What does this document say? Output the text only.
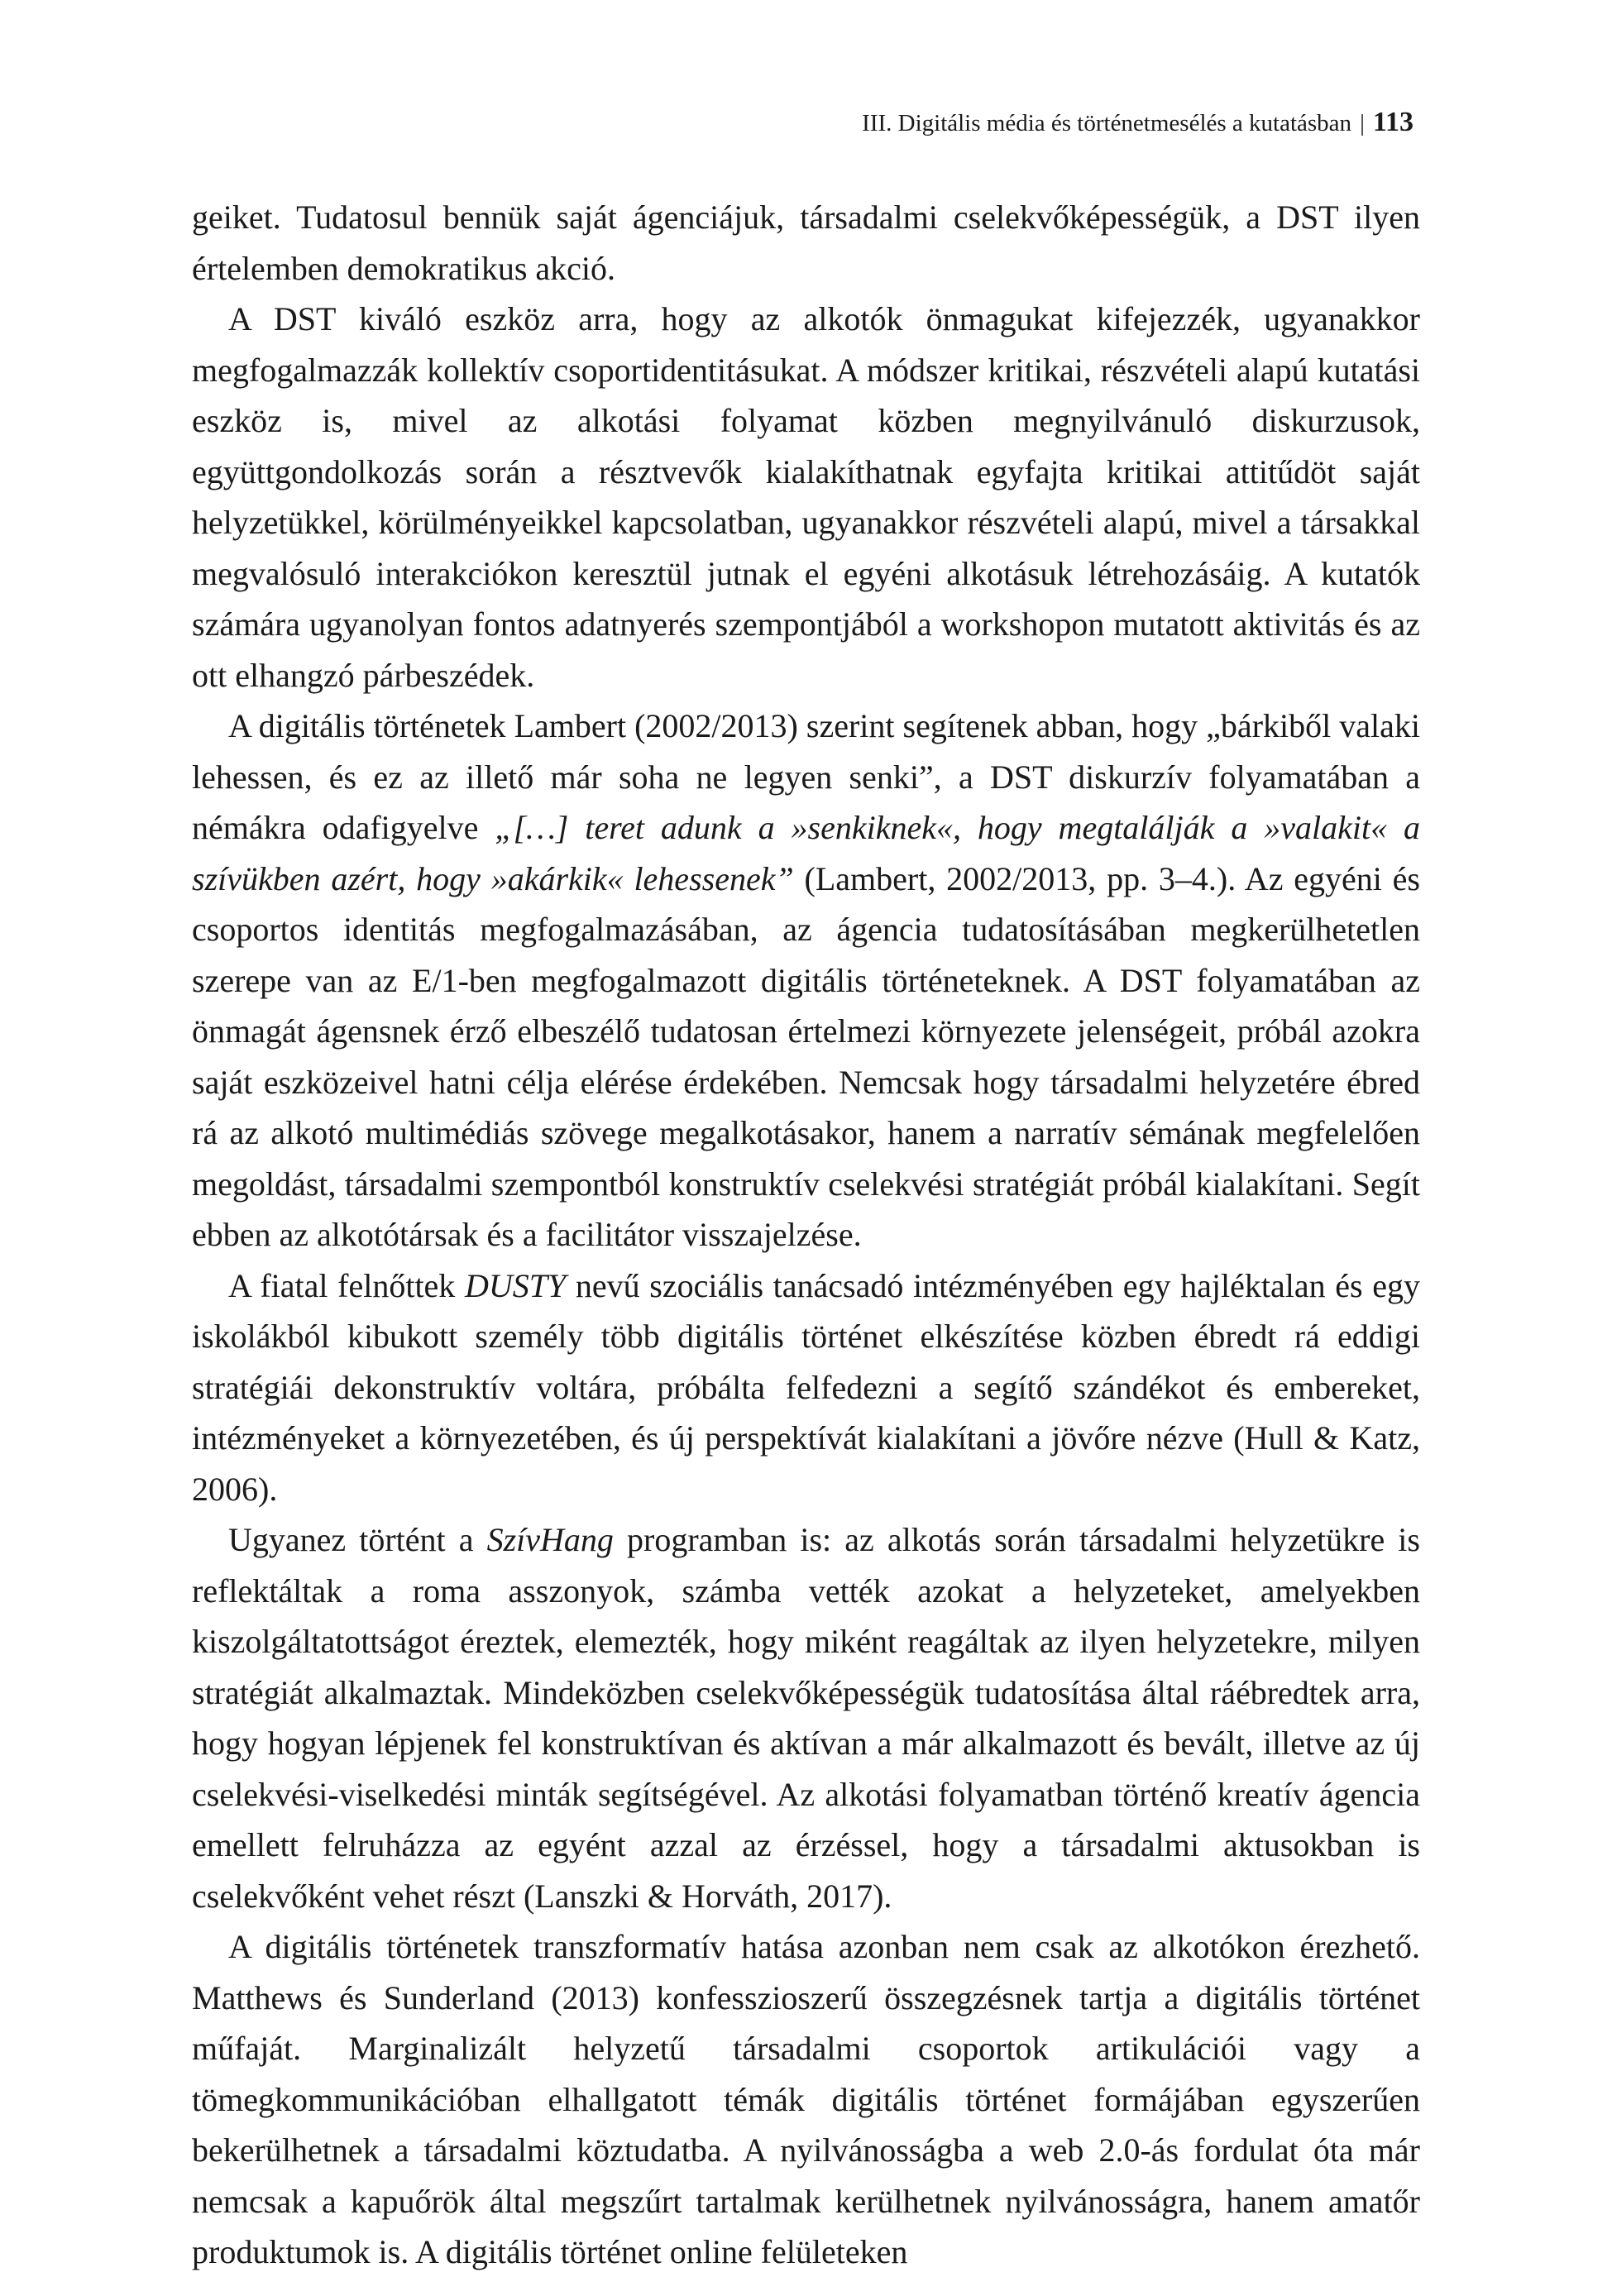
III. Digitális média és történetmesélés a kutatásban | 113

geiket. Tudatosul bennük saját ágenciájuk, társadalmi cselekvőképességük, a DST ilyen értelemben demokratikus akció.

A DST kiváló eszköz arra, hogy az alkotók önmagukat kifejezzék, ugyanakkor megfogalmazzák kollektív csoportidentitásukat. A módszer kritikai, részvételi alapú kutatási eszköz is, mivel az alkotási folyamat közben megnyilvánuló diskurzusok, együttgondolkozás során a résztvevők kialakíthatnak egyfajta kritikai attitűdöt saját helyzetükkel, körülményeikkel kapcsolatban, ugyanakkor részvételi alapú, mivel a társakkal megvalósuló interakciókon keresztül jutnak el egyéni alkotásuk létrehozásáig. A kutatók számára ugyanolyan fontos adatnyerés szempontjából a workshopon mutatott aktivitás és az ott elhangzó párbeszédek.

A digitális történetek Lambert (2002/2013) szerint segítenek abban, hogy „bárkiből valaki lehessen, és ez az illető már soha ne legyen senki”, a DST diskurzív folyamatában a némákra odafigyelve „[…] teret adunk a »senkiknek«, hogy megtalálják a »valakit« a szívükben azért, hogy »akárkik« lehessenek” (Lambert, 2002/2013, pp. 3–4.). Az egyéni és csoportos identitás megfogalmazásában, az ágencia tudatosításában megkerülhetetlen szerepe van az E/1-ben megfogalmazott digitális történeteknek. A DST folyamatában az önmagát ágensnek érző elbeszélő tudatosan értelmezi környezete jelenségeit, próbál azokra saját eszközeivel hatni célja elérése érdekében. Nemcsak hogy társadalmi helyzetére ébred rá az alkotó multimédiás szövege megalkotásakor, hanem a narratív sémának megfelelően megoldást, társadalmi szempontból konstruktív cselekvési stratégiát próbál kialakítani. Segít ebben az alkotótársak és a facilitátor visszajelzése.

A fiatal felnőttek DUSTY nevű szociális tanácsadó intézményében egy hajléktalan és egy iskolákból kibukott személy több digitális történet elkészítése közben ébredt rá eddigi stratégiái dekonstruktív voltára, próbálta felfedezni a segítő szándékot és embereket, intézményeket a környezetében, és új perspektívát kialakítani a jövőre nézve (Hull & Katz, 2006).

Ugyanez történt a SzívHang programban is: az alkotás során társadalmi helyzetükre is reflektáltak a roma asszonyok, számba vették azokat a helyzeteket, amelyekben kiszolgáltatottságot éreztek, elemezték, hogy miként reagáltak az ilyen helyzetekre, milyen stratégiát alkalmaztak. Mindeközben cselekvőképességük tudatosítása által ráébredtek arra, hogy hogyan lépjenek fel konstruktívan és aktívan a már alkalmazott és bevált, illetve az új cselekvési-viselkedési minták segítségével. Az alkotási folyamatban történő kreatív ágencia emellett felruházza az egyént azzal az érzéssel, hogy a társadalmi aktusokban is cselekvőként vehet részt (Lanszki & Horváth, 2017).

A digitális történetek transzformatív hatása azonban nem csak az alkotókon érezhető. Matthews és Sunderland (2013) konfesszioszerű összegzésnek tartja a digitális történet műfaját. Marginalizált helyzetű társadalmi csoportok artikulációi vagy a tömegkommunikációban elhallgatott témák digitális történet formájában egyszerűen bekerülhetnek a társadalmi köztudatba. A nyilvánosságba a web 2.0-ás fordulat óta már nemcsak a kapuőrök által megszűrt tartalmak kerülhetnek nyilvánosságra, hanem amatőr produktumok is. A digitális történet online felületeken
